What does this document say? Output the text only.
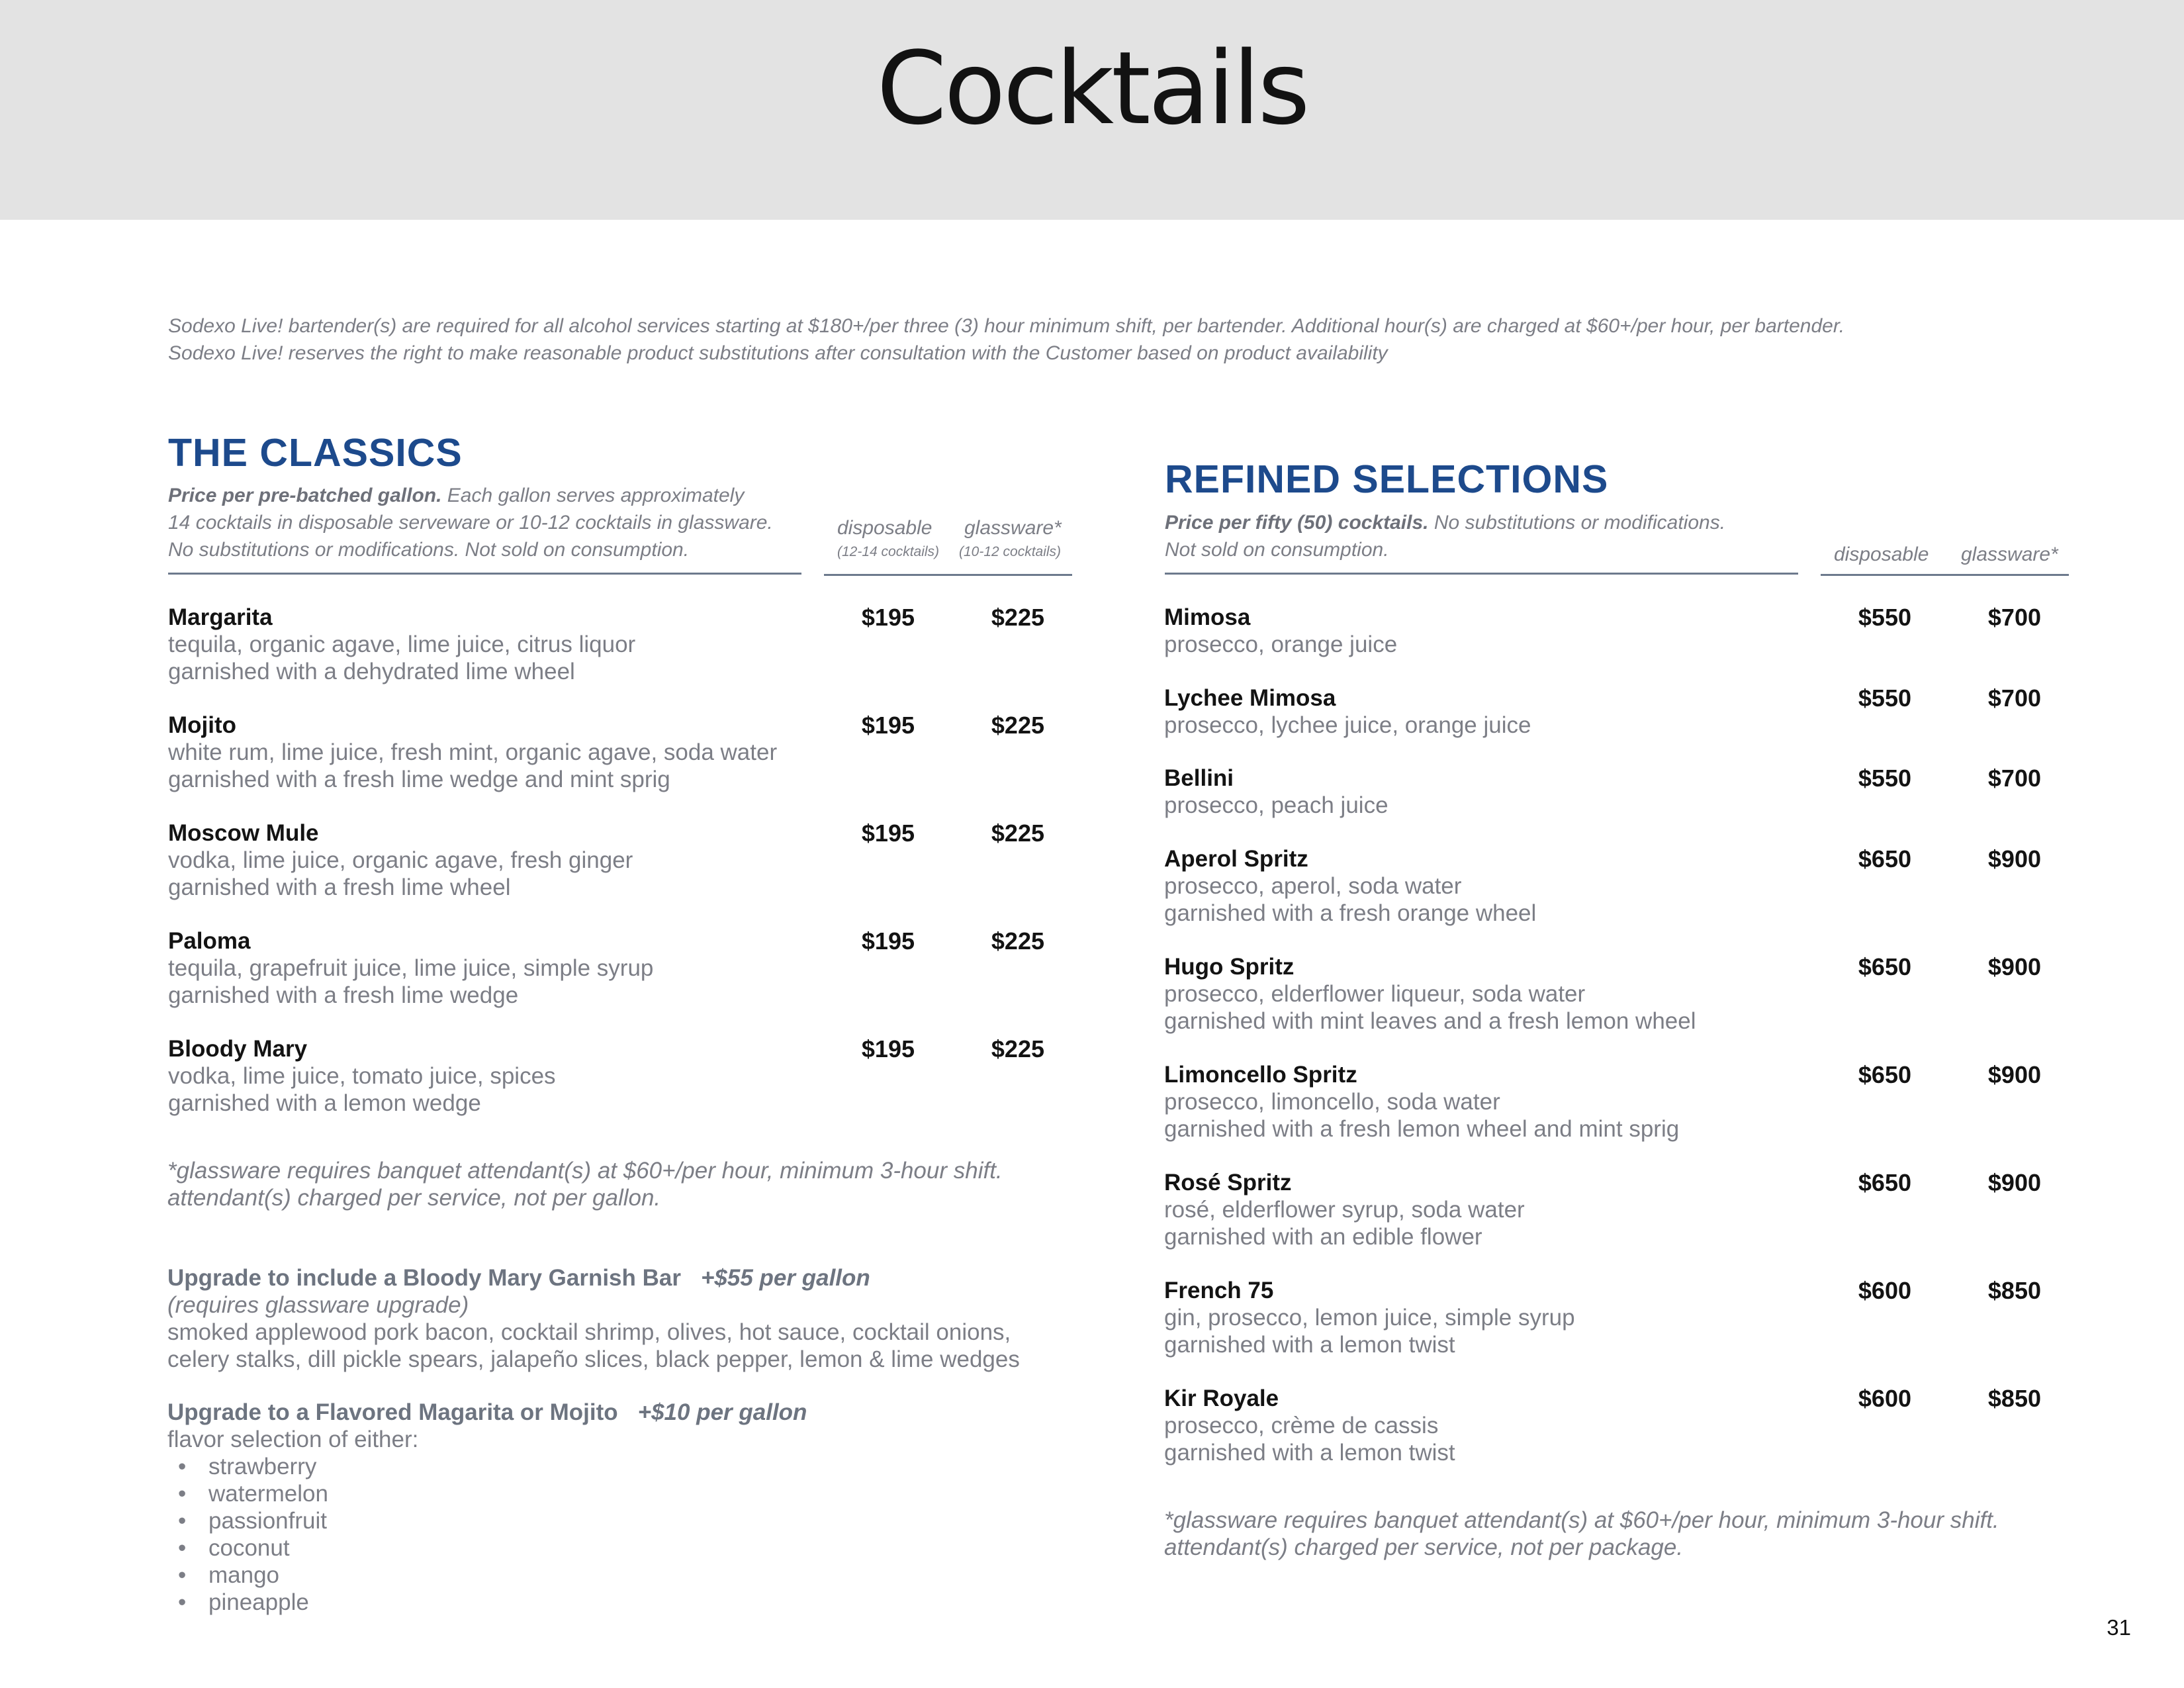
Cocktails

Sodexo Live! bartender(s) are required for all alcohol services starting at $180+/per three (3) hour minimum shift, per bartender. Additional hour(s) are charged at $60+/per hour, per bartender.
Sodexo Live! reserves the right to make reasonable product substitutions after consultation with the Customer based on product availability

THE CLASSICS

Price per pre-batched gallon. Each gallon serves approximately
14 cocktails in disposable serveware or 10-12 cocktails in glassware.
No substitutions or modifications. Not sold on consumption.

disposable glassware*
(12-14 cocktails) (10-12 cocktails)
Margarita
tequila, organic agave, lime juice, citrus liquor
garnished with a dehydrated lime wheel
$195	$225
Mojito
white rum, lime juice, fresh mint, organic agave, soda water
garnished with a fresh lime wedge and mint sprig
$195	$225
Moscow Mule
vodka, lime juice, organic agave, fresh ginger
garnished with a fresh lime wheel
$195	$225
Paloma
tequila, grapefruit juice, lime juice, simple syrup
garnished with a fresh lime wedge
$195	$225
Bloody Mary
vodka, lime juice, tomato juice, spices
garnished with a lemon wedge
$195	$225
*glassware requires banquet attendant(s) at $60+/per hour, minimum 3-hour shift.
attendant(s) charged per service, not per gallon.
Upgrade to include a Bloody Mary Garnish Bar +$55 per gallon
(requires glassware upgrade)
smoked applewood pork bacon, cocktail shrimp, olives, hot sauce, cocktail onions,
celery stalks, dill pickle spears, jalapeño slices, black pepper, lemon & lime wedges
Upgrade to a Flavored Magarita or Mojito +$10 per gallon
flavor selection of either:
• strawberry
• watermelon
• passionfruit
• coconut
• mango
• pineapple
REFINED SELECTIONS

Price per fifty (50) cocktails. No substitutions or modifications.
Not sold on consumption.	disposable glassware*
Mimosa
prosecco, orange juice
$550	$700
Lychee Mimosa
prosecco, lychee juice, orange juice
$550	$700
Bellini
prosecco, peach juice
$550	$700
Aperol Spritz
prosecco, aperol, soda water
garnished with a fresh orange wheel
$650	$900
Hugo Spritz
prosecco, elderflower liqueur, soda water
garnished with mint leaves and a fresh lemon wheel
$650	$900
Limoncello Spritz
prosecco, limoncello, soda water
garnished with a fresh lemon wheel and mint sprig
$650	$900
Rosé Spritz
rosé, elderflower syrup, soda water
garnished with an edible flower
$650	$900
French 75
gin, prosecco, lemon juice, simple syrup
garnished with a lemon twist
$600	$850
Kir Royale
prosecco, crème de cassis
garnished with a lemon twist
$600	$850
*glassware requires banquet attendant(s) at $60+/per hour, minimum 3-hour shift.
attendant(s) charged per service, not per package.
31
